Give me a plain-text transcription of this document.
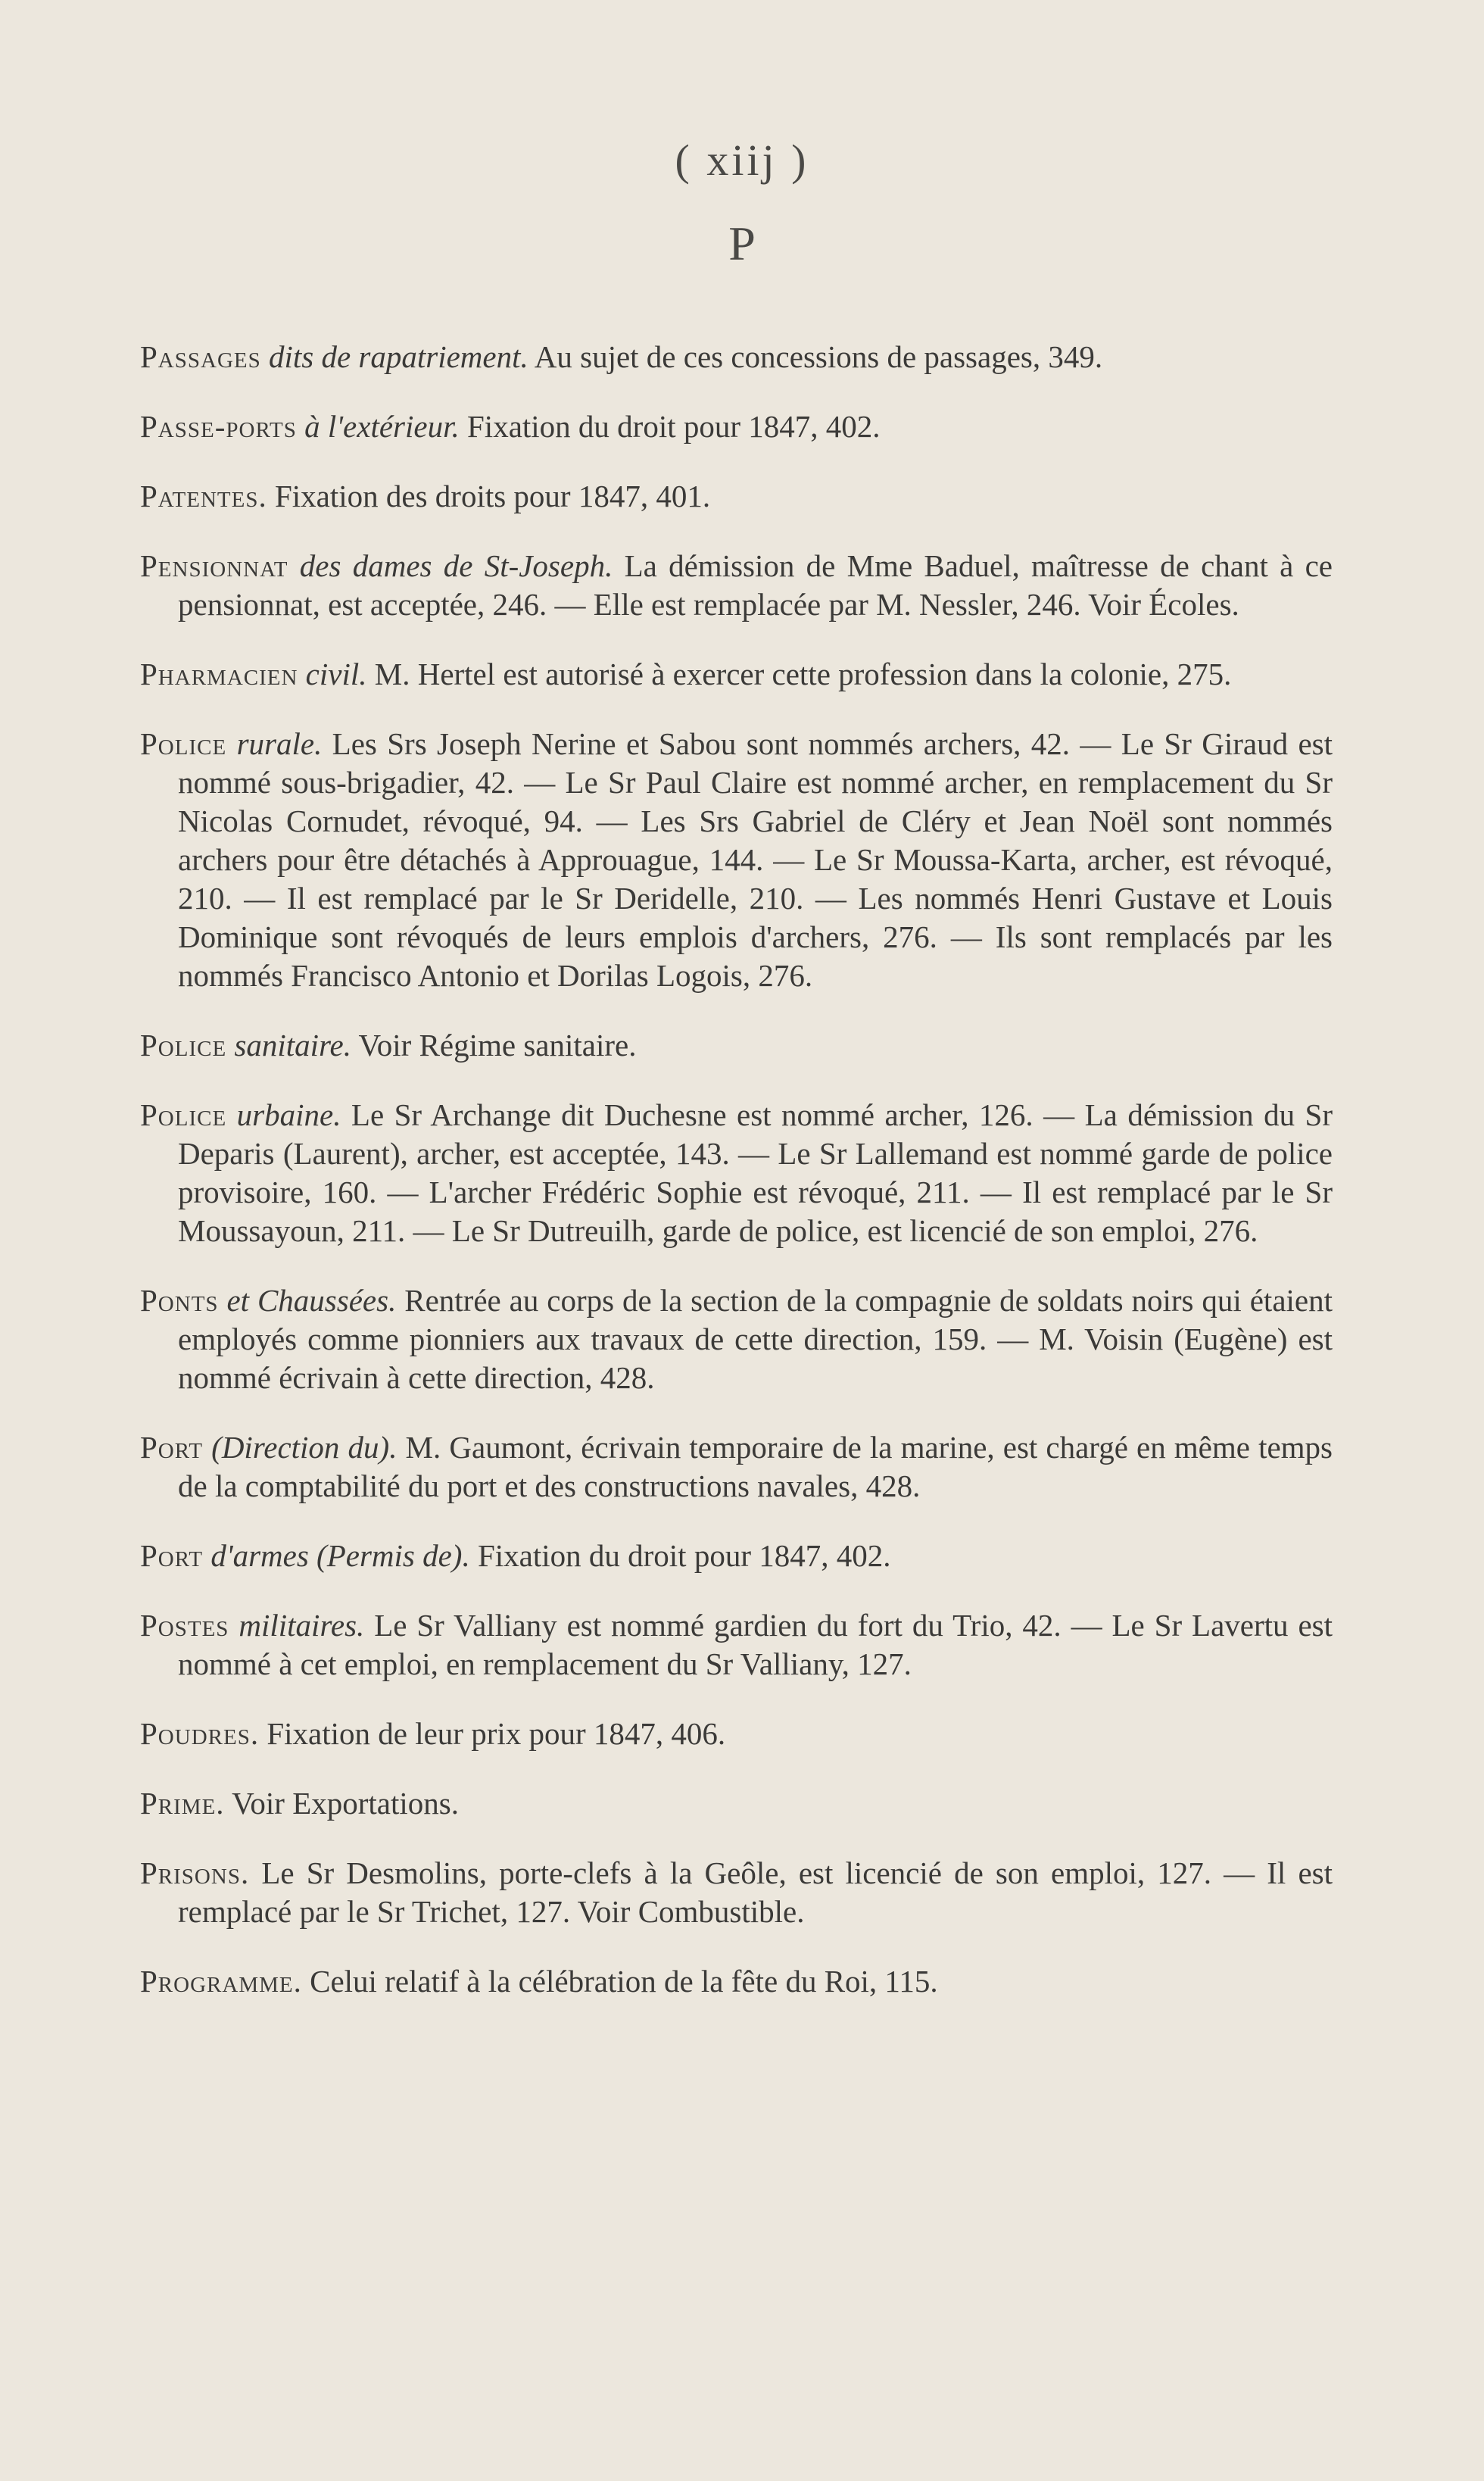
( xiij )
P

Passages dits de rapatriement. Au sujet de ces concessions de passages, 349.

Passe-ports à l'extérieur. Fixation du droit pour 1847, 402.

Patentes. Fixation des droits pour 1847, 401.

Pensionnat des dames de St-Joseph. La démission de Mme Baduel, maîtresse de chant à ce pensionnat, est acceptée, 246. — Elle est remplacée par M. Nessler, 246. Voir Écoles.

Pharmacien civil. M. Hertel est autorisé à exercer cette profession dans la colonie, 275.

Police rurale. Les Srs Joseph Nerine et Sabou sont nommés archers, 42. — Le Sr Giraud est nommé sous-brigadier, 42. — Le Sr Paul Claire est nommé archer, en remplacement du Sr Nicolas Cornudet, révoqué, 94. — Les Srs Gabriel de Cléry et Jean Noël sont nommés archers pour être détachés à Approuague, 144. — Le Sr Moussa-Karta, archer, est révoqué, 210. — Il est remplacé par le Sr Deridelle, 210. — Les nommés Henri Gustave et Louis Dominique sont révoqués de leurs emplois d'archers, 276. — Ils sont remplacés par les nommés Francisco Antonio et Dorilas Logois, 276.

Police sanitaire. Voir Régime sanitaire.

Police urbaine. Le Sr Archange dit Duchesne est nommé archer, 126. — La démission du Sr Deparis (Laurent), archer, est acceptée, 143. — Le Sr Lallemand est nommé garde de police provisoire, 160. — L'archer Frédéric Sophie est révoqué, 211. — Il est remplacé par le Sr Moussayoun, 211. — Le Sr Dutreuilh, garde de police, est licencié de son emploi, 276.

Ponts et Chaussées. Rentrée au corps de la section de la compagnie de soldats noirs qui étaient employés comme pionniers aux travaux de cette direction, 159. — M. Voisin (Eugène) est nommé écrivain à cette direction, 428.

Port (Direction du). M. Gaumont, écrivain temporaire de la marine, est chargé en même temps de la comptabilité du port et des constructions navales, 428.

Port d'armes (Permis de). Fixation du droit pour 1847, 402.

Postes militaires. Le Sr Valliany est nommé gardien du fort du Trio, 42. — Le Sr Lavertu est nommé à cet emploi, en remplacement du Sr Valliany, 127.

Poudres. Fixation de leur prix pour 1847, 406.

Prime. Voir Exportations.

Prisons. Le Sr Desmolins, porte-clefs à la Geôle, est licencié de son emploi, 127. — Il est remplacé par le Sr Trichet, 127. Voir Combustible.

Programme. Celui relatif à la célébration de la fête du Roi, 115.
